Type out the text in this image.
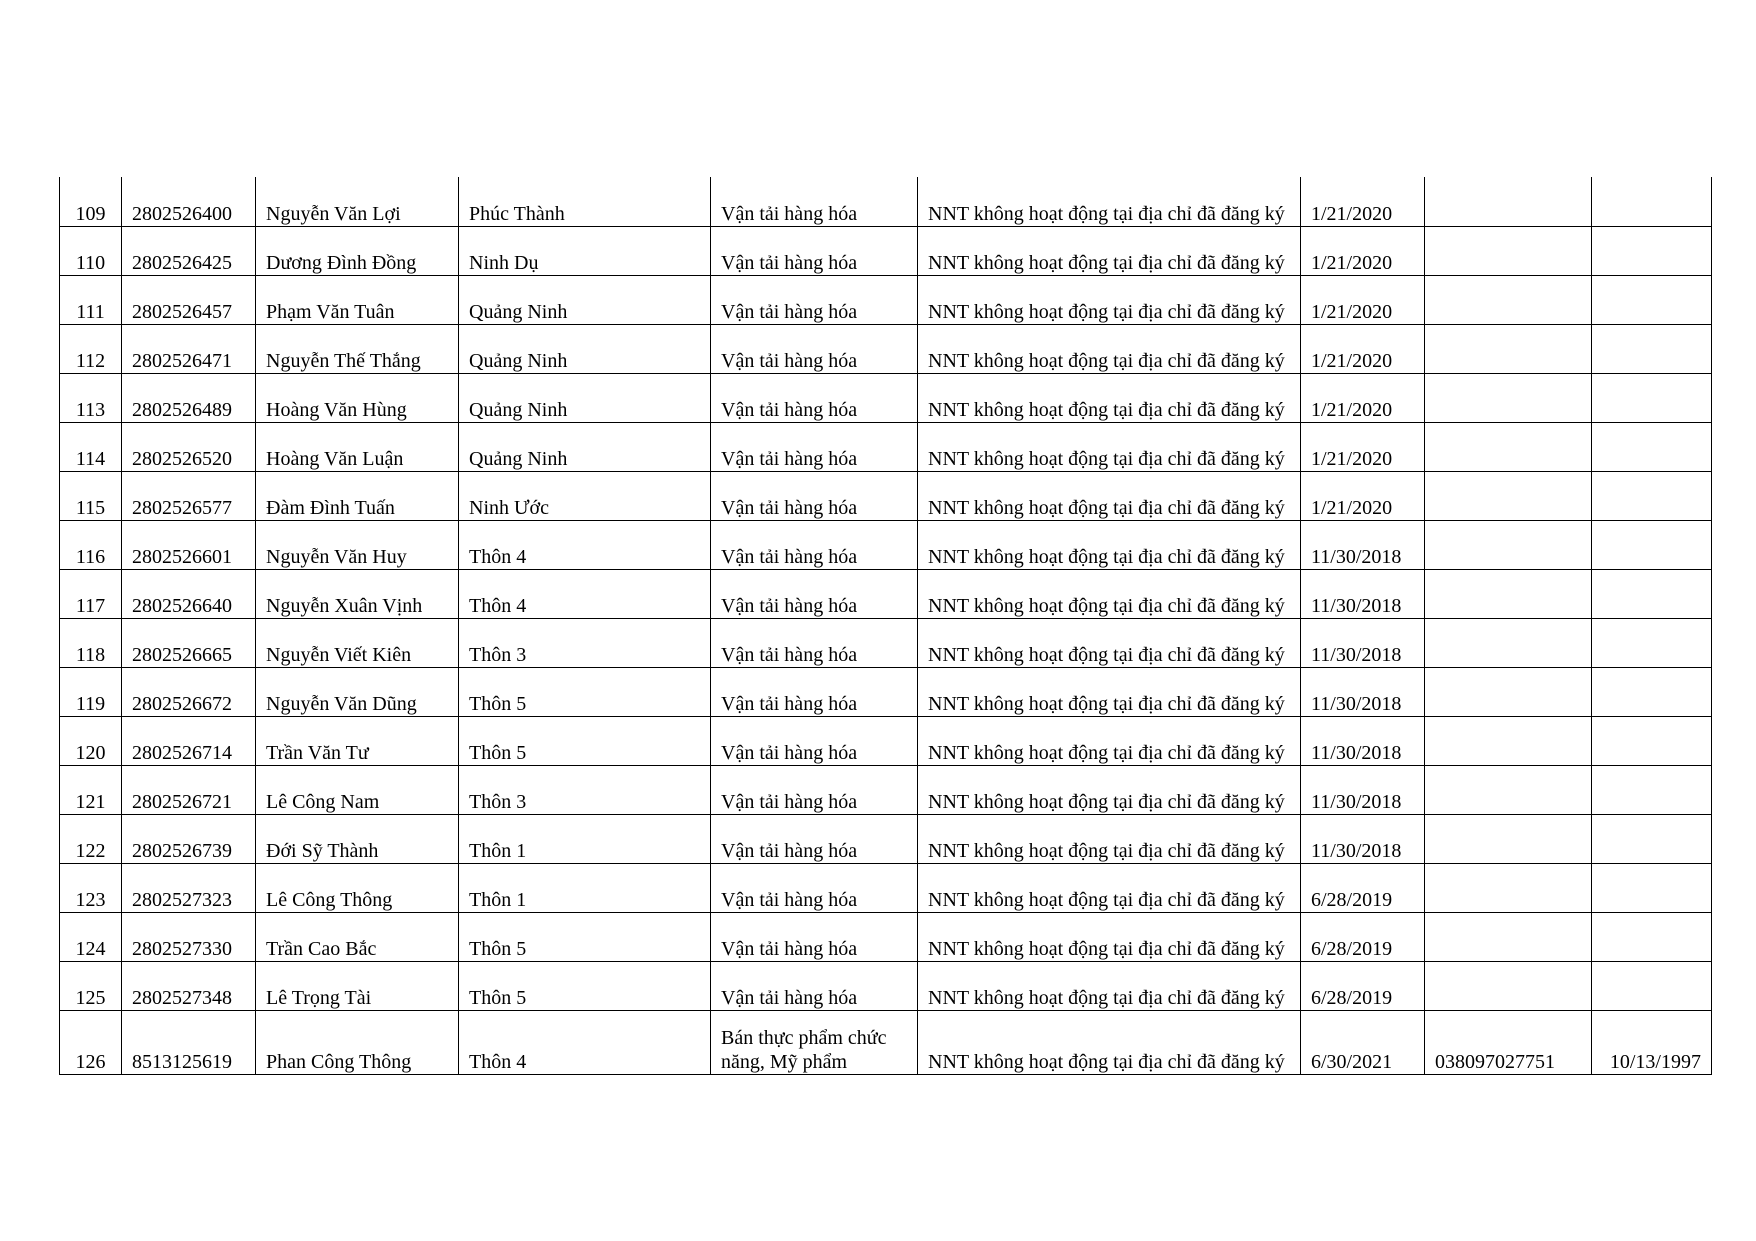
109	2802526400	Nguyễn Văn Lợi	Phúc Thành	Vận tải hàng hóa	NNT không hoạt động tại địa chỉ đã đăng ký	1/21/2020		
110	2802526425	Dương Đình Đồng	Ninh Dụ	Vận tải hàng hóa	NNT không hoạt động tại địa chỉ đã đăng ký	1/21/2020		
111	2802526457	Phạm Văn Tuân	Quảng Ninh	Vận tải hàng hóa	NNT không hoạt động tại địa chỉ đã đăng ký	1/21/2020		
112	2802526471	Nguyễn Thế Thắng	Quảng Ninh	Vận tải hàng hóa	NNT không hoạt động tại địa chỉ đã đăng ký	1/21/2020		
113	2802526489	Hoàng Văn Hùng	Quảng Ninh	Vận tải hàng hóa	NNT không hoạt động tại địa chỉ đã đăng ký	1/21/2020		
114	2802526520	Hoàng Văn Luận	Quảng Ninh	Vận tải hàng hóa	NNT không hoạt động tại địa chỉ đã đăng ký	1/21/2020		
115	2802526577	Đàm Đình Tuấn	Ninh Ước	Vận tải hàng hóa	NNT không hoạt động tại địa chỉ đã đăng ký	1/21/2020		
116	2802526601	Nguyễn Văn Huy	Thôn 4	Vận tải hàng hóa	NNT không hoạt động tại địa chỉ đã đăng ký	11/30/2018		
117	2802526640	Nguyễn Xuân Vịnh	Thôn 4	Vận tải hàng hóa	NNT không hoạt động tại địa chỉ đã đăng ký	11/30/2018		
118	2802526665	Nguyễn Viết Kiên	Thôn 3	Vận tải hàng hóa	NNT không hoạt động tại địa chỉ đã đăng ký	11/30/2018		
119	2802526672	Nguyễn Văn Dũng	Thôn 5	Vận tải hàng hóa	NNT không hoạt động tại địa chỉ đã đăng ký	11/30/2018		
120	2802526714	Trần Văn Tư	Thôn 5	Vận tải hàng hóa	NNT không hoạt động tại địa chỉ đã đăng ký	11/30/2018		
121	2802526721	Lê Công Nam	Thôn 3	Vận tải hàng hóa	NNT không hoạt động tại địa chỉ đã đăng ký	11/30/2018		
122	2802526739	Đới Sỹ Thành	Thôn 1	Vận tải hàng hóa	NNT không hoạt động tại địa chỉ đã đăng ký	11/30/2018		
123	2802527323	Lê Công Thông	Thôn 1	Vận tải hàng hóa	NNT không hoạt động tại địa chỉ đã đăng ký	6/28/2019		
124	2802527330	Trần Cao Bắc	Thôn 5	Vận tải hàng hóa	NNT không hoạt động tại địa chỉ đã đăng ký	6/28/2019		
125	2802527348	Lê Trọng Tài	Thôn 5	Vận tải hàng hóa	NNT không hoạt động tại địa chỉ đã đăng ký	6/28/2019		
126	8513125619	Phan Công Thông	Thôn 4	Bán thực phẩm chức năng, Mỹ phẩm	NNT không hoạt động tại địa chỉ đã đăng ký	6/30/2021	038097027751	10/13/1997
